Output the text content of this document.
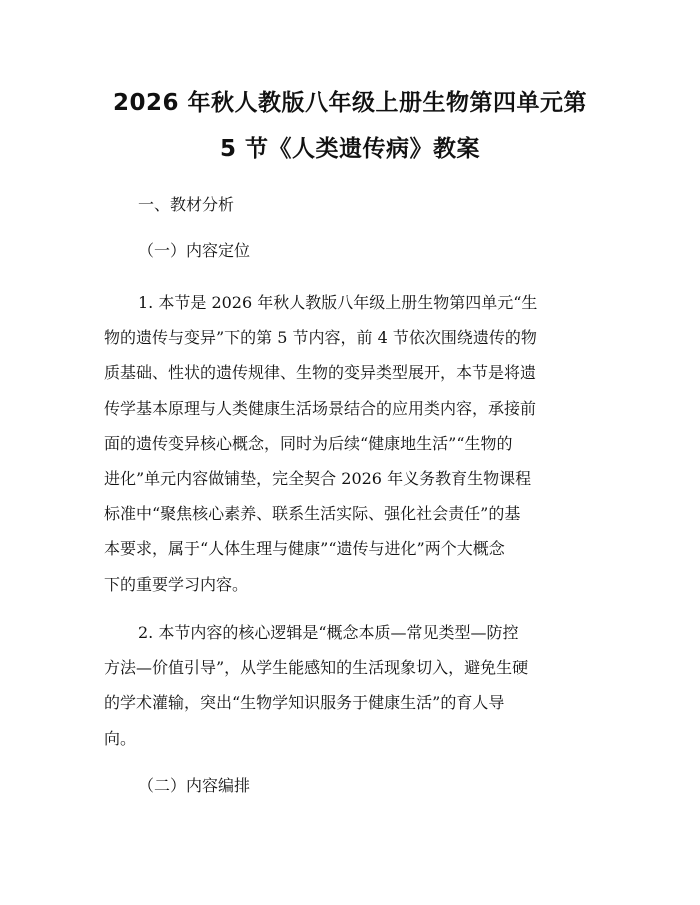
2026 年秋人教版八年级上册生物第四单元第
5 节《人类遗传病》教案
一、教材分析
（一）内容定位
1. 本节是 2026 年秋人教版八年级上册生物第四单元“生
物的遗传与变异”下的第 5 节内容，前 4 节依次围绕遗传的物
质基础、性状的遗传规律、生物的变异类型展开，本节是将遗
传学基本原理与人类健康生活场景结合的应用类内容，承接前
面的遗传变异核心概念，同时为后续“健康地生活”“生物的
进化”单元内容做铺垫，完全契合 2026 年义务教育生物课程
标准中“聚焦核心素养、联系生活实际、强化社会责任”的基
本要求，属于“人体生理与健康”“遗传与进化”两个大概念
下的重要学习内容。
2. 本节内容的核心逻辑是“概念本质—常见类型—防控
方法—价值引导”，从学生能感知的生活现象切入，避免生硬
的学术灌输，突出“生物学知识服务于健康生活”的育人导
向。
（二）内容编排
